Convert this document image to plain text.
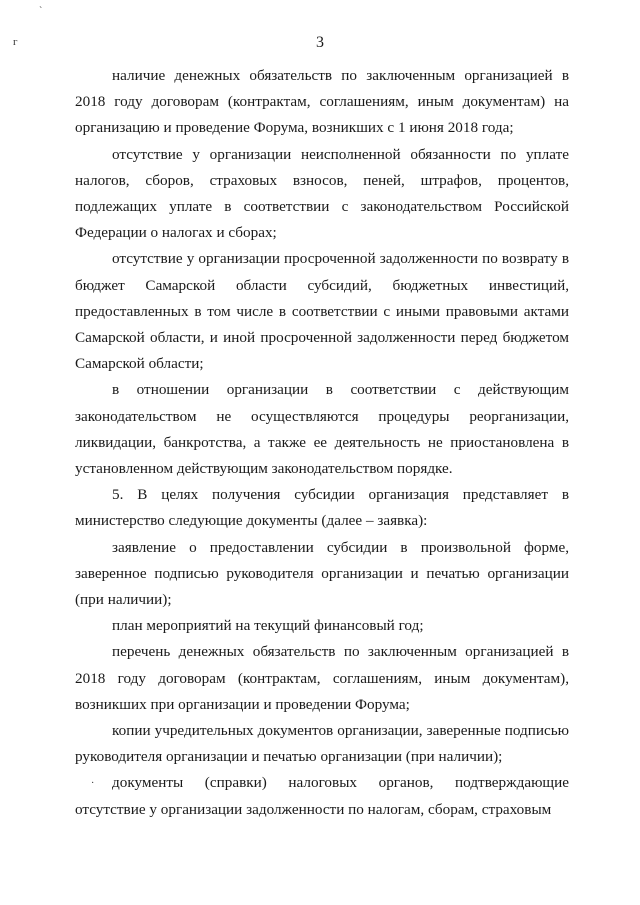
`
г
·
3

наличие денежных обязательств по заключенным организацией в 2018 году договорам (контрактам, соглашениям, иным документам) на организацию и проведение Форума, возникших с 1 июня 2018 года;

отсутствие у организации неисполненной обязанности по уплате налогов, сборов, страховых взносов, пеней, штрафов, процентов, подлежащих уплате в соответствии с законодательством Российской Федерации о налогах и сборах;

отсутствие у организации просроченной задолженности по возврату в бюджет Самарской области субсидий, бюджетных инвестиций, предоставленных в том числе в соответствии с иными правовыми актами Самарской области, и иной просроченной задолженности перед бюджетом Самарской области;

в отношении организации в соответствии с действующим законодательством не осуществляются процедуры реорганизации, ликвидации, банкротства, а также ее деятельность не приостановлена в установленном действующим законодательством порядке.

5. В целях получения субсидии организация представляет в министерство следующие документы (далее – заявка):

заявление о предоставлении субсидии в произвольной форме, заверенное подписью руководителя организации и печатью организации (при наличии);

план мероприятий на текущий финансовый год;

перечень денежных обязательств по заключенным организацией в 2018 году договорам (контрактам, соглашениям, иным документам), возникших при организации и проведении Форума;

копии учредительных документов организации, заверенные подписью руководителя организации и печатью организации (при наличии);

документы (справки) налоговых органов, подтверждающие отсутствие у организации задолженности по налогам, сборам, страховым
